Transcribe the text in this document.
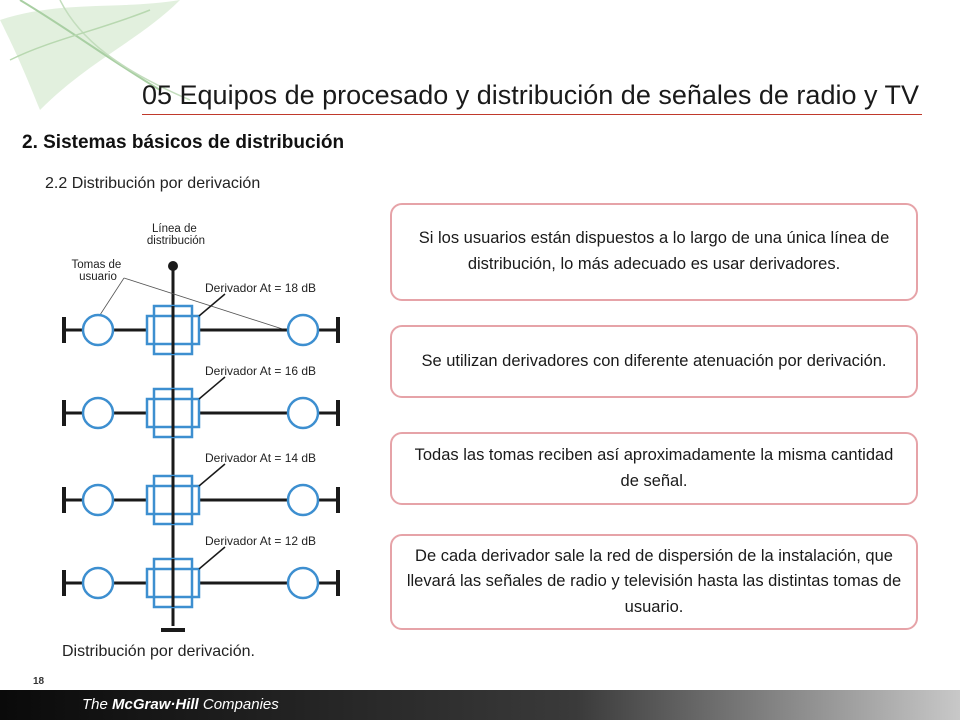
05 Equipos de procesado y distribución de señales de radio y TV
2. Sistemas básicos de distribución
2.2 Distribución por derivación
Línea de distribución
Tomas de usuario
Derivador At = 18 dB
Derivador At = 16 dB
Derivador At = 14 dB
Derivador At = 12 dB
Distribución por derivación.
Si los usuarios están dispuestos a lo largo de una única línea de distribución, lo más adecuado es usar derivadores.
Se utilizan derivadores con diferente atenuación por derivación.
Todas las tomas reciben así aproximadamente la misma cantidad de señal.
De cada derivador sale la red de dispersión de la instalación, que llevará las señales de radio y televisión hasta las distintas tomas de usuario.
18
The McGraw·Hill Companies
